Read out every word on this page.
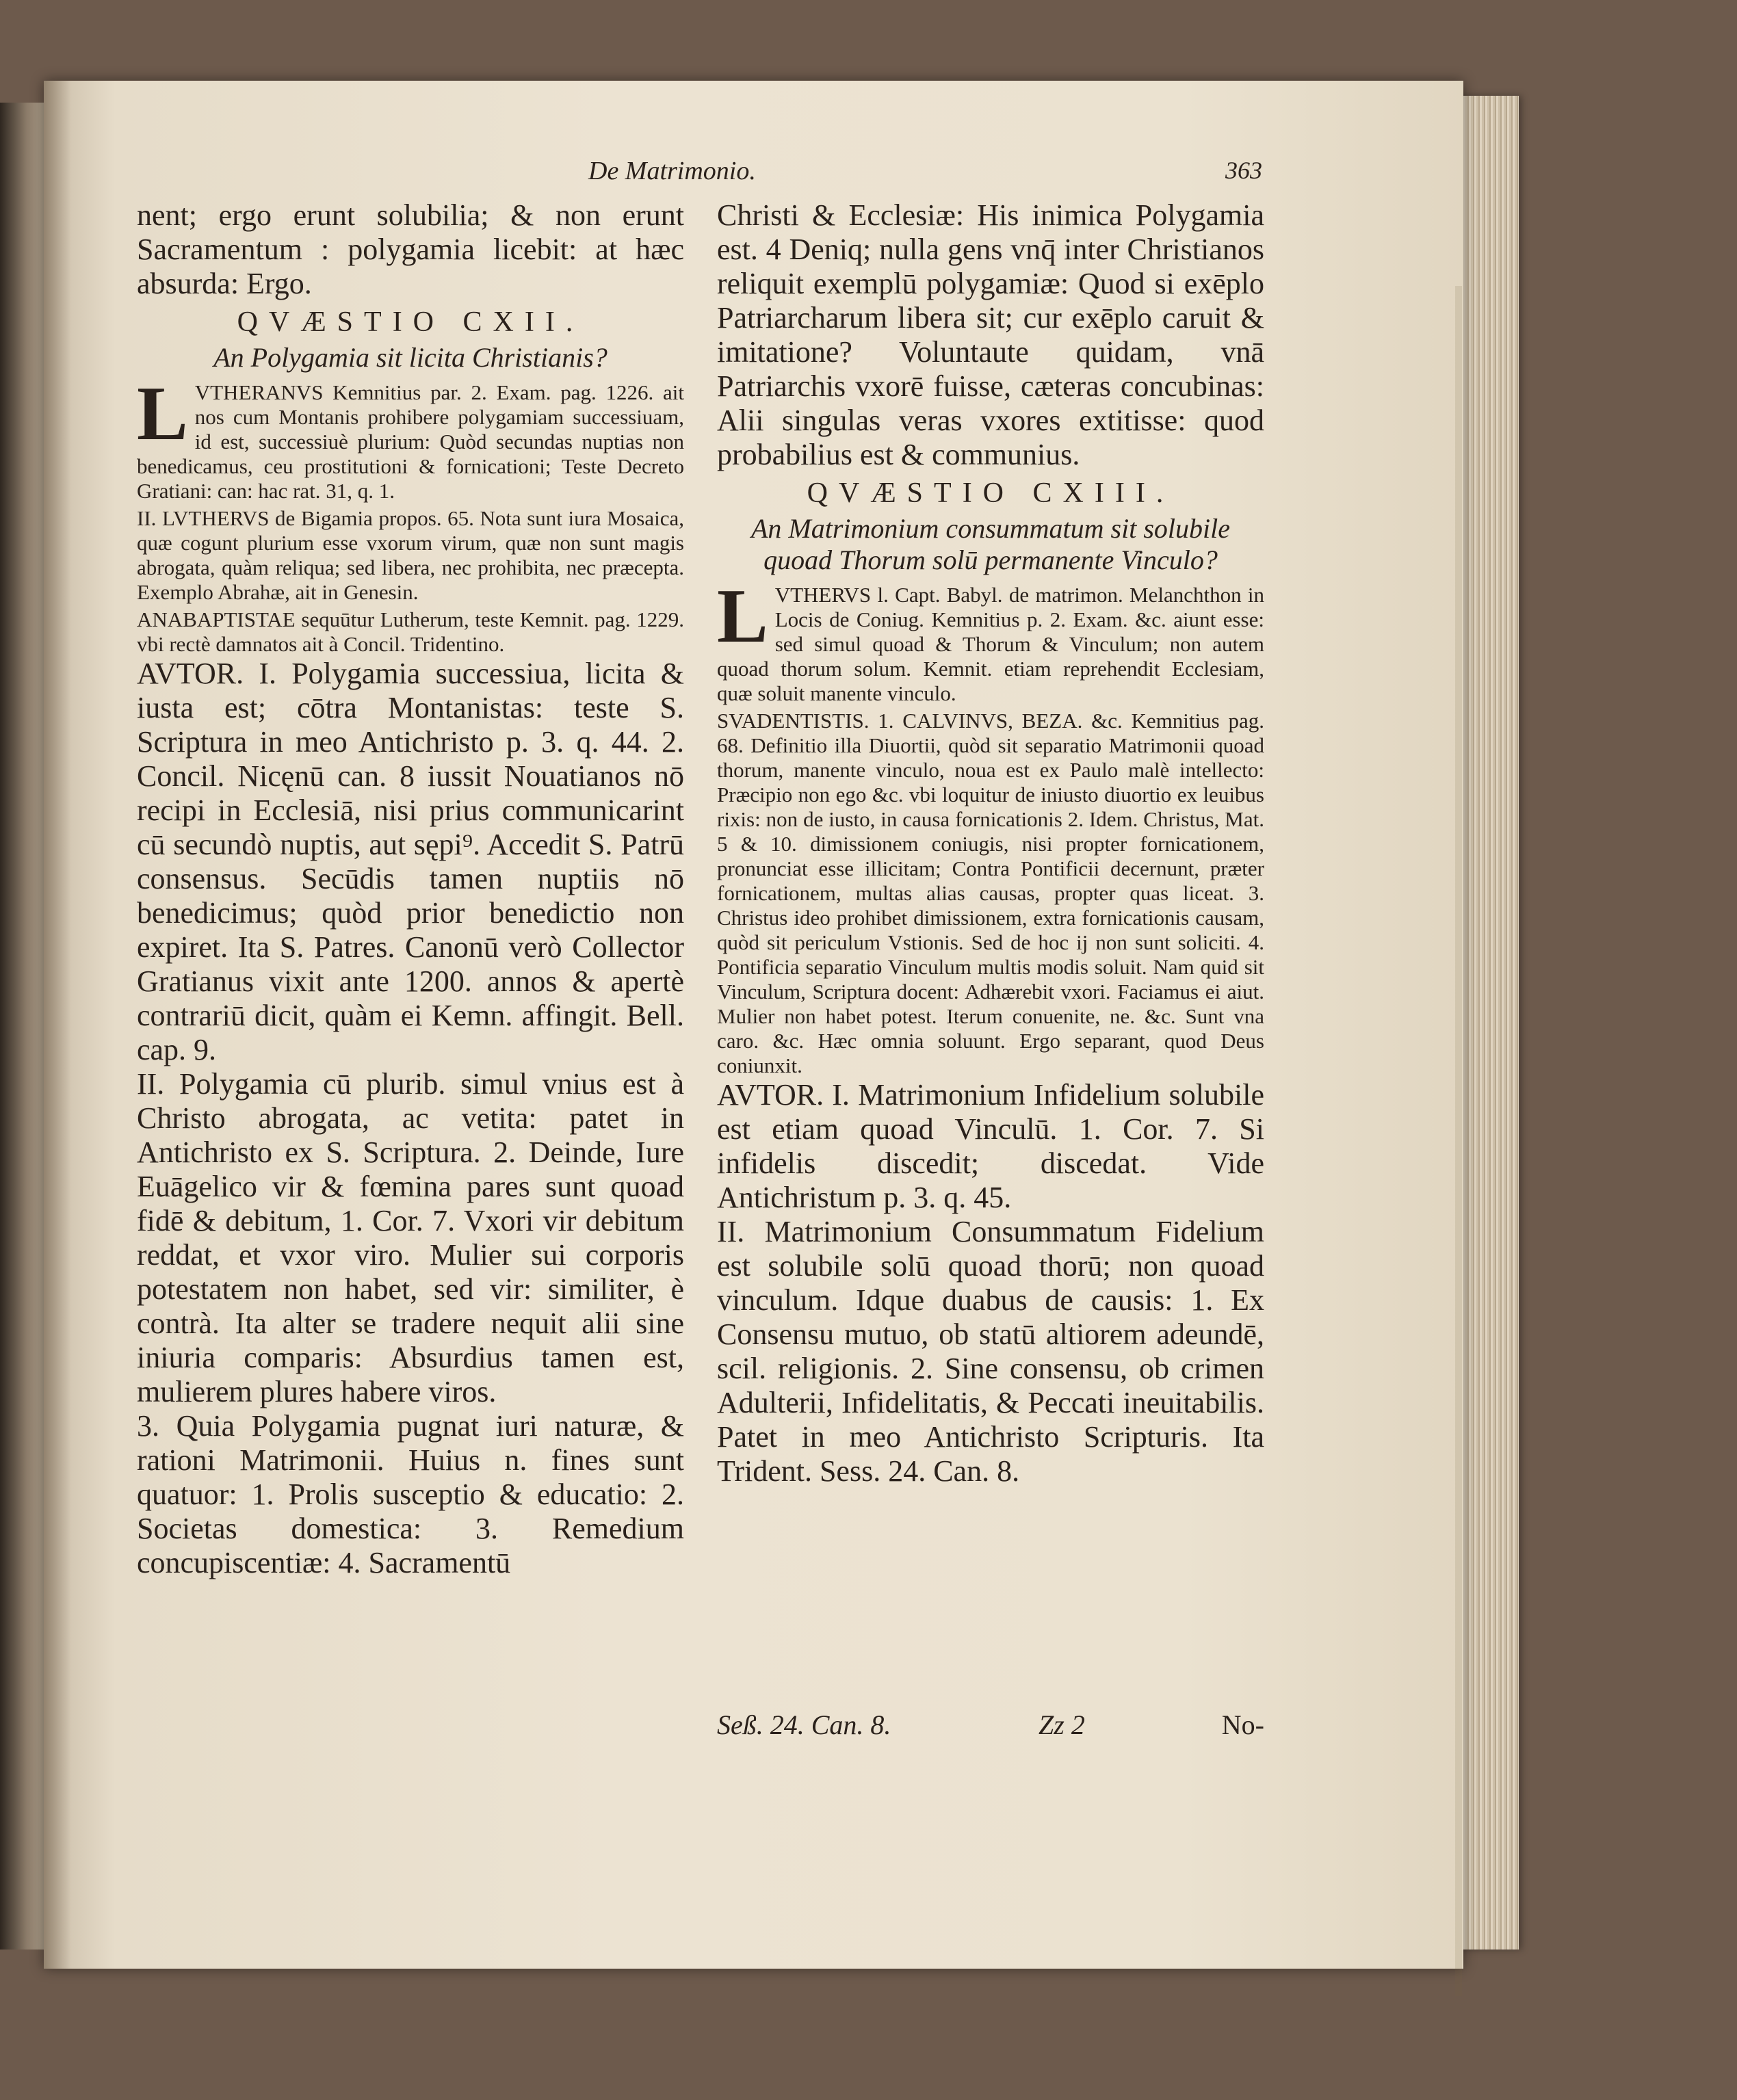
De Matrimonio.	363

nent; ergo erunt solubilia; & non erunt Sacramentum : polygamia licebit: at hæc absurda: Ergo.

QVÆSTIO CXII.
An Polygamia sit licita Christianis?
L VTHERANVS Kemnitius par. 2. Exam. pag. 1226. ait nos cum Montanis prohibere polygamiam successiuam, id est, successiuè plurium: Quòd secundas nuptias non benedicamus, ceu prostitutioni & fornicationi; Teste Decreto Gratiani: can: hac rat. 31, q. 1.

II. LVTHERVS de Bigamia propos. 65. Nota sunt iura Mosaica, quæ cogunt plurium esse vxorum virum, quæ non sunt magis abrogata, quàm reliqua; sed libera, nec prohibita, nec præcepta. Exemplo Abrahæ, ait in Genesin.

ANABAPTISTAE sequūtur Lutherum, teste Kemnit. pag. 1229. vbi rectè damnatos ait à Concil. Tridentino.

AVTOR. I. Polygamia successiua, licita & iusta est; cōtra Montanistas: teste S. Scriptura in meo Antichristo p. 3. q. 44. 2. Concil. Nicęnū can. 8 iussit Nouatianos nō recipi in Ecclesiā, nisi prius communicarint cū secundò nuptis, aut sępi⁹. Accedit S. Patrū consensus. Secūdis tamen nuptiis nō benedicimus; quòd prior benedictio non expiret. Ita S. Patres. Canonū verò Collector Gratianus vixit ante 1200. annos & apertè contrariū dicit, quàm ei Kemn. affingit. Bell. cap. 9.

II. Polygamia cū plurib. simul vnius est à Christo abrogata, ac vetita: patet in Antichristo ex S. Scriptura. 2. Deinde, Iure Euāgelico vir & fœmina pares sunt quoad fidē & debitum, 1. Cor. 7. Vxori vir debitum reddat, et vxor viro. Mulier sui corporis potestatem non habet, sed vir: similiter, è contrà. Ita alter se tradere nequit alii sine iniuria comparis: Absurdius tamen est, mulierem plures habere viros.

3. Quia Polygamia pugnat iuri naturæ, & rationi Matrimonii. Huius n. fines sunt quatuor: 1. Prolis susceptio & educatio: 2. Societas domestica: 3. Remedium concupiscentiæ: 4. Sacramentū

Christi & Ecclesiæ: His inimica Polygamia est. 4 Deniq; nulla gens vnq̄ inter Christianos reliquit exemplū polygamiæ: Quod si exēplo Patriarcharum libera sit; cur exēplo caruit & imitatione? Voluntaute quidam, vnā Patriarchis vxorē fuisse, cæteras concubinas: Alii singulas veras vxores extitisse: quod probabilius est & communius.

QVÆSTIO CXIII.
An Matrimonium consummatum sit solubile quoad Thorum solū permanente Vinculo?
L VTHERVS l. Capt. Babyl. de matrimon. Melanchthon in Locis de Coniug. Kemnitius p. 2. Exam. &c. aiunt esse: sed simul quoad & Thorum & Vinculum; non autem quoad thorum solum. Kemnit. etiam reprehendit Ecclesiam, quæ soluit manente vinculo.

SVADENTISTIS. 1. CALVINVS, BEZA. &c. Kemnitius pag. 68. Definitio illa Diuortii, quòd sit separatio Matrimonii quoad thorum, manente vinculo, noua est ex Paulo malè intellecto: Præcipio non ego &c. vbi loquitur de iniusto diuortio ex leuibus rixis: non de iusto, in causa fornicationis 2. Idem. Christus, Mat. 5 & 10. dimissionem coniugis, nisi propter fornicationem, pronunciat esse illicitam; Contra Pontificii decernunt, præter fornicationem, multas alias causas, propter quas liceat. 3. Christus ideo prohibet dimissionem, extra fornicationis causam, quòd sit periculum Vstionis. Sed de hoc ij non sunt soliciti. 4. Pontificia separatio Vinculum multis modis soluit. Nam quid sit Vinculum, Scriptura docent: Adhærebit vxori. Faciamus ei aiut. Mulier non habet potest. Iterum conuenite, ne. &c. Sunt vna caro. &c. Hæc omnia soluunt. Ergo separant, quod Deus coniunxit.

AVTOR. I. Matrimonium Infidelium solubile est etiam quoad Vinculū. 1. Cor. 7. Si infidelis discedit; discedat. Vide Antichristum p. 3. q. 45.

II. Matrimonium Consummatum Fidelium est solubile solū quoad thorū; non quoad vinculum. Idque duabus de causis: 1. Ex Consensu mutuo, ob statū altiorem adeundē, scil. religionis. 2. Sine consensu, ob crimen Adulterii, Infidelitatis, & Peccati ineuitabilis. Patet in meo Antichristo Scripturis. Ita Trident. Sess. 24. Can. 8.

Seß. 24. Can. 8.	Zz 2	No-
